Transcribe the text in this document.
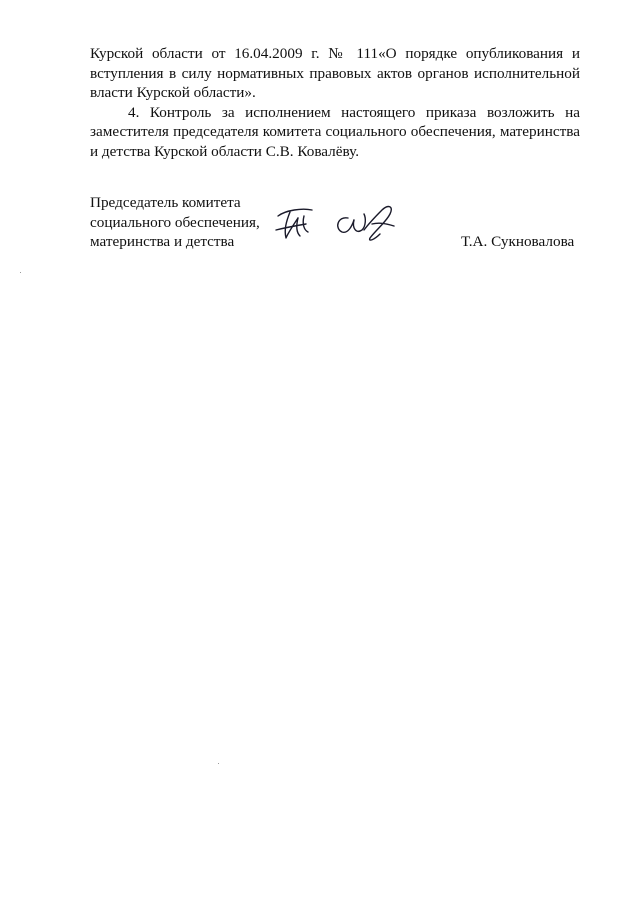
Курской области от 16.04.2009 г. № 111«О порядке опубликования и вступления в силу нормативных правовых актов органов исполнительной власти Курской области».

4. Контроль за исполнением настоящего приказа возложить на заместителя председателя комитета социального обеспечения, материнства и детства Курской области С.В. Ковалёву.

Председатель комитета
социального обеспечения,
материнства и детства	Т.А. Сукновалова
